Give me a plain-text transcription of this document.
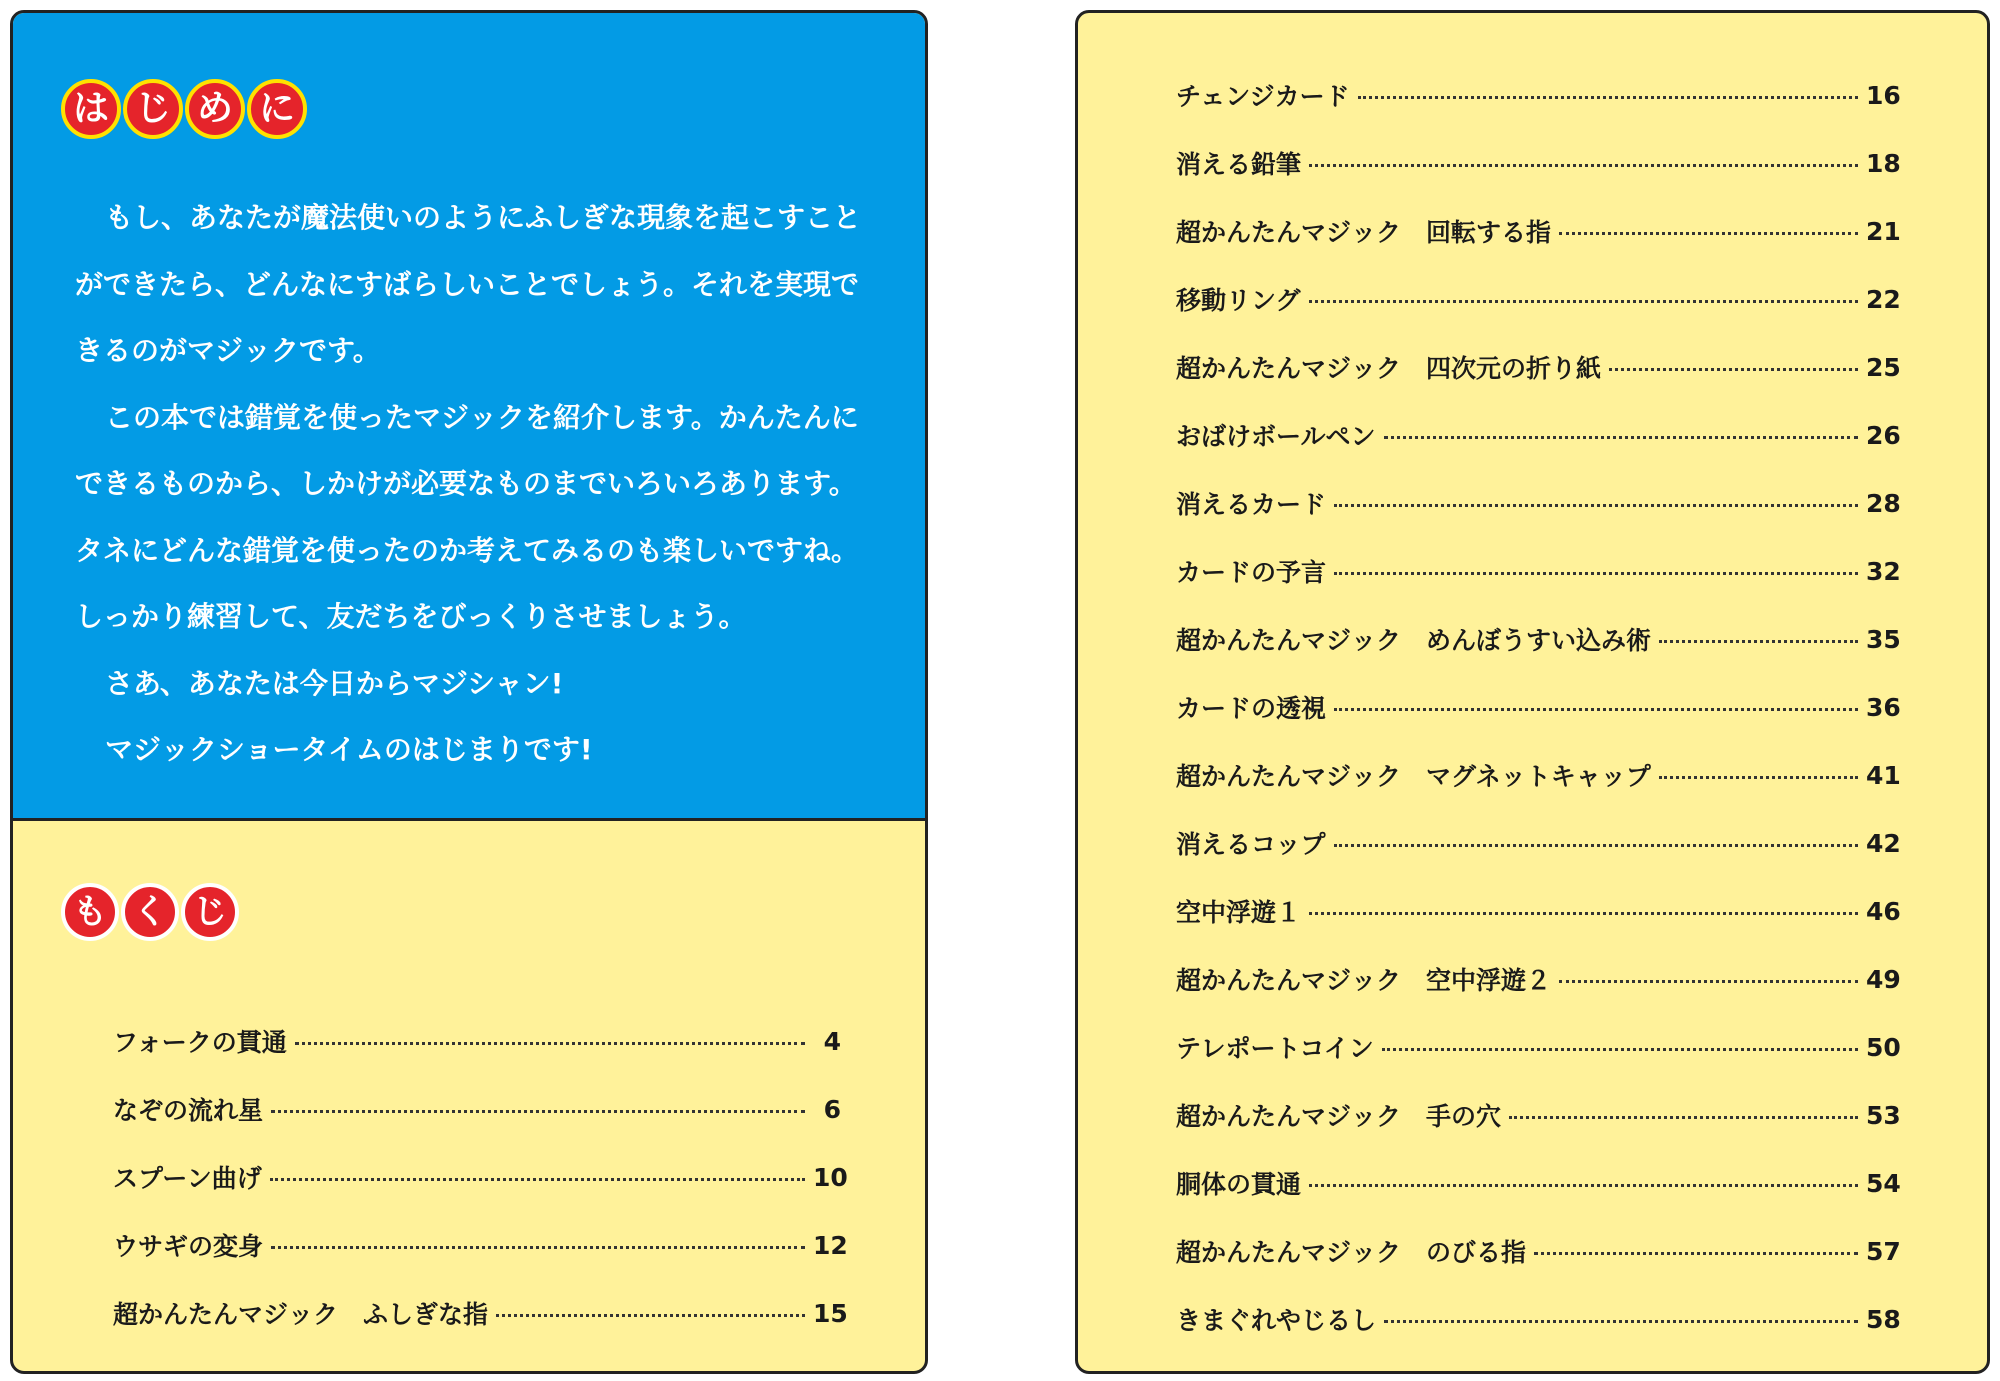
は じ め に
もし、あなたが魔法使いのようにふしぎな現象を起こすこと
ができたら、どんなにすばらしいことでしょう。それを実現で
きるのがマジックです。
この本では錯覚を使ったマジックを紹介します。かんたんに
できるものから、しかけが必要なものまでいろいろあります。
タネにどんな錯覚を使ったのか考えてみるのも楽しいですね。
しっかり練習して、友だちをびっくりさせましょう。
さあ、あなたは今日からマジシャン!
マジックショータイムのはじまりです!
も く じ
フォークの貫通	4
なぞの流れ星	6
スプーン曲げ	10
ウサギの変身	12
超かんたんマジック　ふしぎな指	15
チェンジカード	16
消える鉛筆	18
超かんたんマジック　回転する指	21
移動リング	22
超かんたんマジック　四次元の折り紙	25
おばけボールペン	26
消えるカード	28
カードの予言	32
超かんたんマジック　めんぼうすい込み術	35
カードの透視	36
超かんたんマジック　マグネットキャップ	41
消えるコップ	42
空中浮遊１	46
超かんたんマジック　空中浮遊２	49
テレポートコイン	50
超かんたんマジック　手の穴	53
胴体の貫通	54
超かんたんマジック　のびる指	57
きまぐれやじるし	58
